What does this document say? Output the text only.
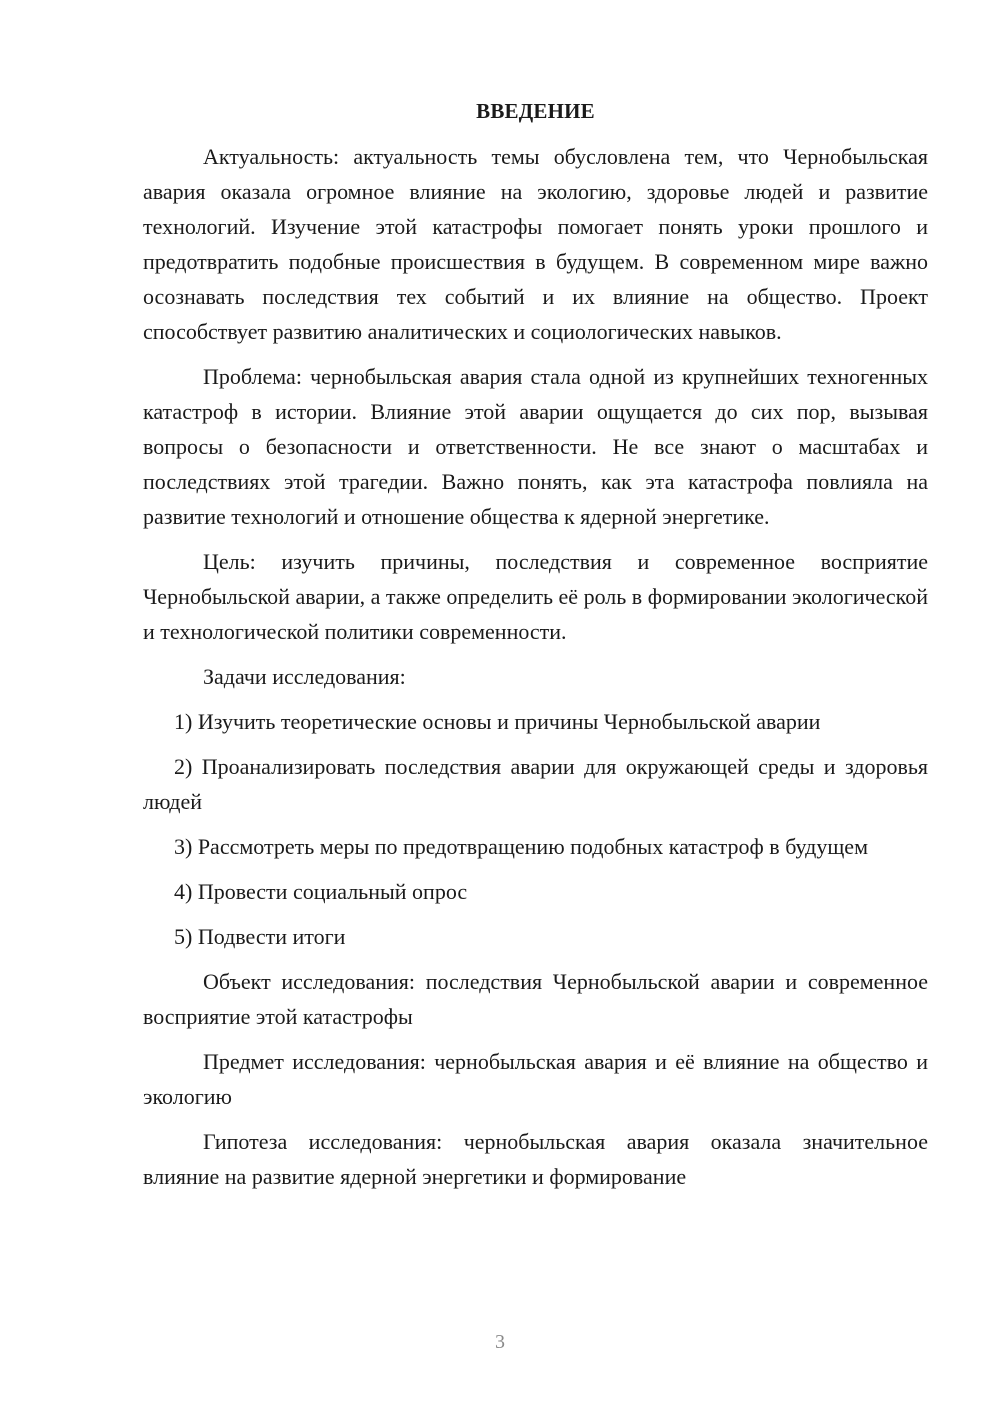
ВВЕДЕНИЕ

Актуальность: актуальность темы обусловлена тем, что Чернобыльская авария оказала огромное влияние на экологию, здоровье людей и развитие технологий. Изучение этой катастрофы помогает понять уроки прошлого и предотвратить подобные происшествия в будущем. В современном мире важно осознавать последствия тех событий и их влияние на общество. Проект способствует развитию аналитических и социологических навыков.

Проблема: чернобыльская авария стала одной из крупнейших техногенных катастроф в истории. Влияние этой аварии ощущается до сих пор, вызывая вопросы о безопасности и ответственности. Не все знают о масштабах и последствиях этой трагедии. Важно понять, как эта катастрофа повлияла на развитие технологий и отношение общества к ядерной энергетике.

Цель: изучить причины, последствия и современное восприятие Чернобыльской аварии, а также определить её роль в формировании экологической и технологической политики современности.

Задачи исследования:

1) Изучить теоретические основы и причины Чернобыльской аварии

2) Проанализировать последствия аварии для окружающей среды и здоровья людей

3) Рассмотреть меры по предотвращению подобных катастроф в будущем

4) Провести социальный опрос

5) Подвести итоги

Объект исследования: последствия Чернобыльской аварии и современное восприятие этой катастрофы

Предмет исследования: чернобыльская авария и её влияние на общество и экологию

Гипотеза исследования: чернобыльская авария оказала значительное влияние на развитие ядерной энергетики и формирование

3
